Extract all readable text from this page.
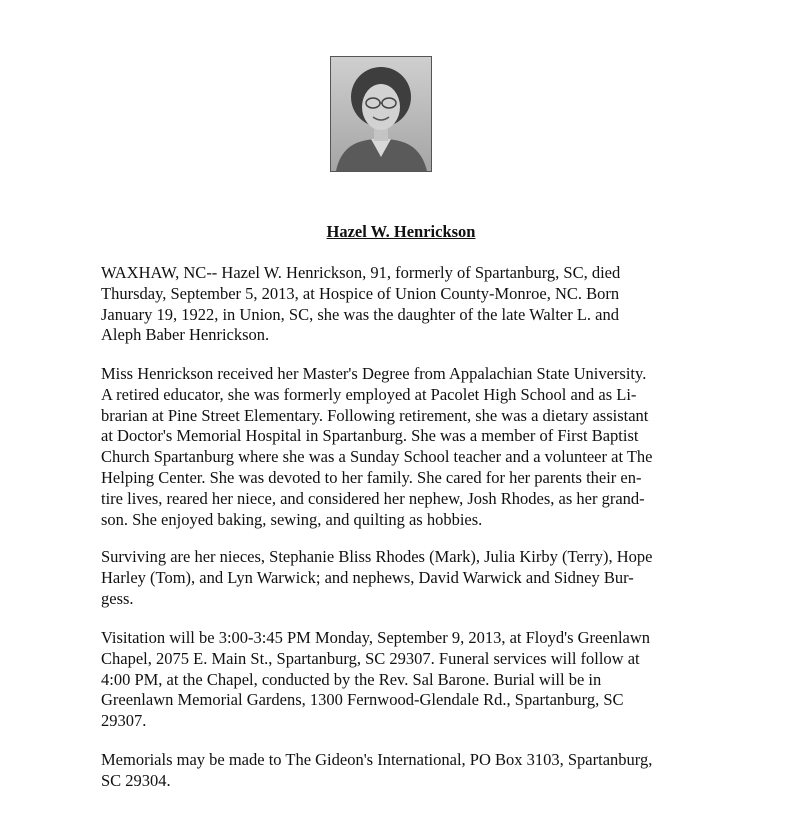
Hazel W. Henrickson

WAXHAW, NC-- Hazel W. Henrickson, 91, formerly of Spartanburg, SC, died
Thursday, September 5, 2013, at Hospice of Union County-Monroe, NC. Born
January 19, 1922, in Union, SC, she was the daughter of the late Walter L. and
Aleph Baber Henrickson.

Miss Henrickson received her Master's Degree from Appalachian State University.
A retired educator, she was formerly employed at Pacolet High School and as Li-
brarian at Pine Street Elementary. Following retirement, she was a dietary assistant
at Doctor's Memorial Hospital in Spartanburg. She was a member of First Baptist
Church Spartanburg where she was a Sunday School teacher and a volunteer at The
Helping Center. She was devoted to her family. She cared for her parents their en-
tire lives, reared her niece, and considered her nephew, Josh Rhodes, as her grand-
son. She enjoyed baking, sewing, and quilting as hobbies.

Surviving are her nieces, Stephanie Bliss Rhodes (Mark), Julia Kirby (Terry), Hope
Harley (Tom), and Lyn Warwick; and nephews, David Warwick and Sidney Bur-
gess.

Visitation will be 3:00-3:45 PM Monday, September 9, 2013, at Floyd's Greenlawn
Chapel, 2075 E. Main St., Spartanburg, SC 29307. Funeral services will follow at
4:00 PM, at the Chapel, conducted by the Rev. Sal Barone. Burial will be in
Greenlawn Memorial Gardens, 1300 Fernwood-Glendale Rd., Spartanburg, SC
29307.

Memorials may be made to The Gideon's International, PO Box 3103, Spartanburg,
SC 29304.
